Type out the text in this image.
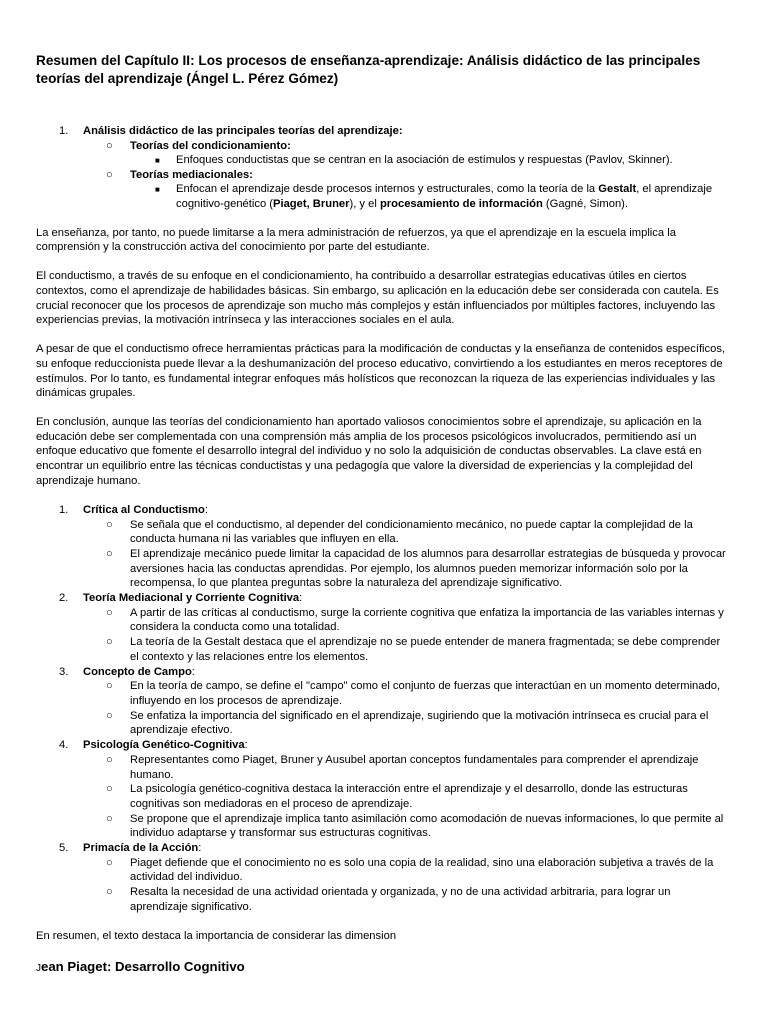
Resumen del Capítulo II: Los procesos de enseñanza-aprendizaje: Análisis didáctico de las principales teorías del aprendizaje (Ángel L. Pérez Gómez)
1. Análisis didáctico de las principales teorías del aprendizaje:
○ Teorías del condicionamiento:
■ Enfoques conductistas que se centran en la asociación de estímulos y respuestas (Pavlov, Skinner).
○ Teorías mediacionales:
■ Enfocan el aprendizaje desde procesos internos y estructurales, como la teoría de la Gestalt, el aprendizaje cognitivo-genético (Piaget, Bruner), y el procesamiento de información (Gagné, Simon).

La enseñanza, por tanto, no puede limitarse a la mera administración de refuerzos, ya que el aprendizaje en la escuela implica la comprensión y la construcción activa del conocimiento por parte del estudiante.

El conductismo, a través de su enfoque en el condicionamiento, ha contribuido a desarrollar estrategias educativas útiles en ciertos contextos, como el aprendizaje de habilidades básicas. Sin embargo, su aplicación en la educación debe ser considerada con cautela. Es crucial reconocer que los procesos de aprendizaje son mucho más complejos y están influenciados por múltiples factores, incluyendo las experiencias previas, la motivación intrínseca y las interacciones sociales en el aula.

A pesar de que el conductismo ofrece herramientas prácticas para la modificación de conductas y la enseñanza de contenidos específicos, su enfoque reduccionista puede llevar a la deshumanización del proceso educativo, convirtiendo a los estudiantes en meros receptores de estímulos. Por lo tanto, es fundamental integrar enfoques más holísticos que reconozcan la riqueza de las experiencias individuales y las dinámicas grupales.

En conclusión, aunque las teorías del condicionamiento han aportado valiosos conocimientos sobre el aprendizaje, su aplicación en la educación debe ser complementada con una comprensión más amplia de los procesos psicológicos involucrados, permitiendo así un enfoque educativo que fomente el desarrollo integral del individuo y no solo la adquisición de conductas observables. La clave está en encontrar un equilibrio entre las técnicas conductistas y una pedagogía que valore la diversidad de experiencias y la complejidad del aprendizaje humano.

1. Crítica al Conductismo:
○ Se señala que el conductismo, al depender del condicionamiento mecánico, no puede captar la complejidad de la conducta humana ni las variables que influyen en ella.
○ El aprendizaje mecánico puede limitar la capacidad de los alumnos para desarrollar estrategias de búsqueda y provocar aversiones hacia las conductas aprendidas. Por ejemplo, los alumnos pueden memorizar información solo por la recompensa, lo que plantea preguntas sobre la naturaleza del aprendizaje significativo.
2. Teoría Mediacional y Corriente Cognitiva:
○ A partir de las críticas al conductismo, surge la corriente cognitiva que enfatiza la importancia de las variables internas y considera la conducta como una totalidad.
○ La teoría de la Gestalt destaca que el aprendizaje no se puede entender de manera fragmentada; se debe comprender el contexto y las relaciones entre los elementos.
3. Concepto de Campo:
○ En la teoría de campo, se define el "campo" como el conjunto de fuerzas que interactúan en un momento determinado, influyendo en los procesos de aprendizaje.
○ Se enfatiza la importancia del significado en el aprendizaje, sugiriendo que la motivación intrínseca es crucial para el aprendizaje efectivo.
4. Psicología Genético-Cognitiva:
○ Representantes como Piaget, Bruner y Ausubel aportan conceptos fundamentales para comprender el aprendizaje humano.
○ La psicología genético-cognitiva destaca la interacción entre el aprendizaje y el desarrollo, donde las estructuras cognitivas son mediadoras en el proceso de aprendizaje.
○ Se propone que el aprendizaje implica tanto asimilación como acomodación de nuevas informaciones, lo que permite al individuo adaptarse y transformar sus estructuras cognitivas.
5. Primacía de la Acción:
○ Piaget defiende que el conocimiento no es solo una copia de la realidad, sino una elaboración subjetiva a través de la actividad del individuo.
○ Resalta la necesidad de una actividad orientada y organizada, y no de una actividad arbitraria, para lograr un aprendizaje significativo.

En resumen, el texto destaca la importancia de considerar las dimension

Jean Piaget: Desarrollo Cognitivo
